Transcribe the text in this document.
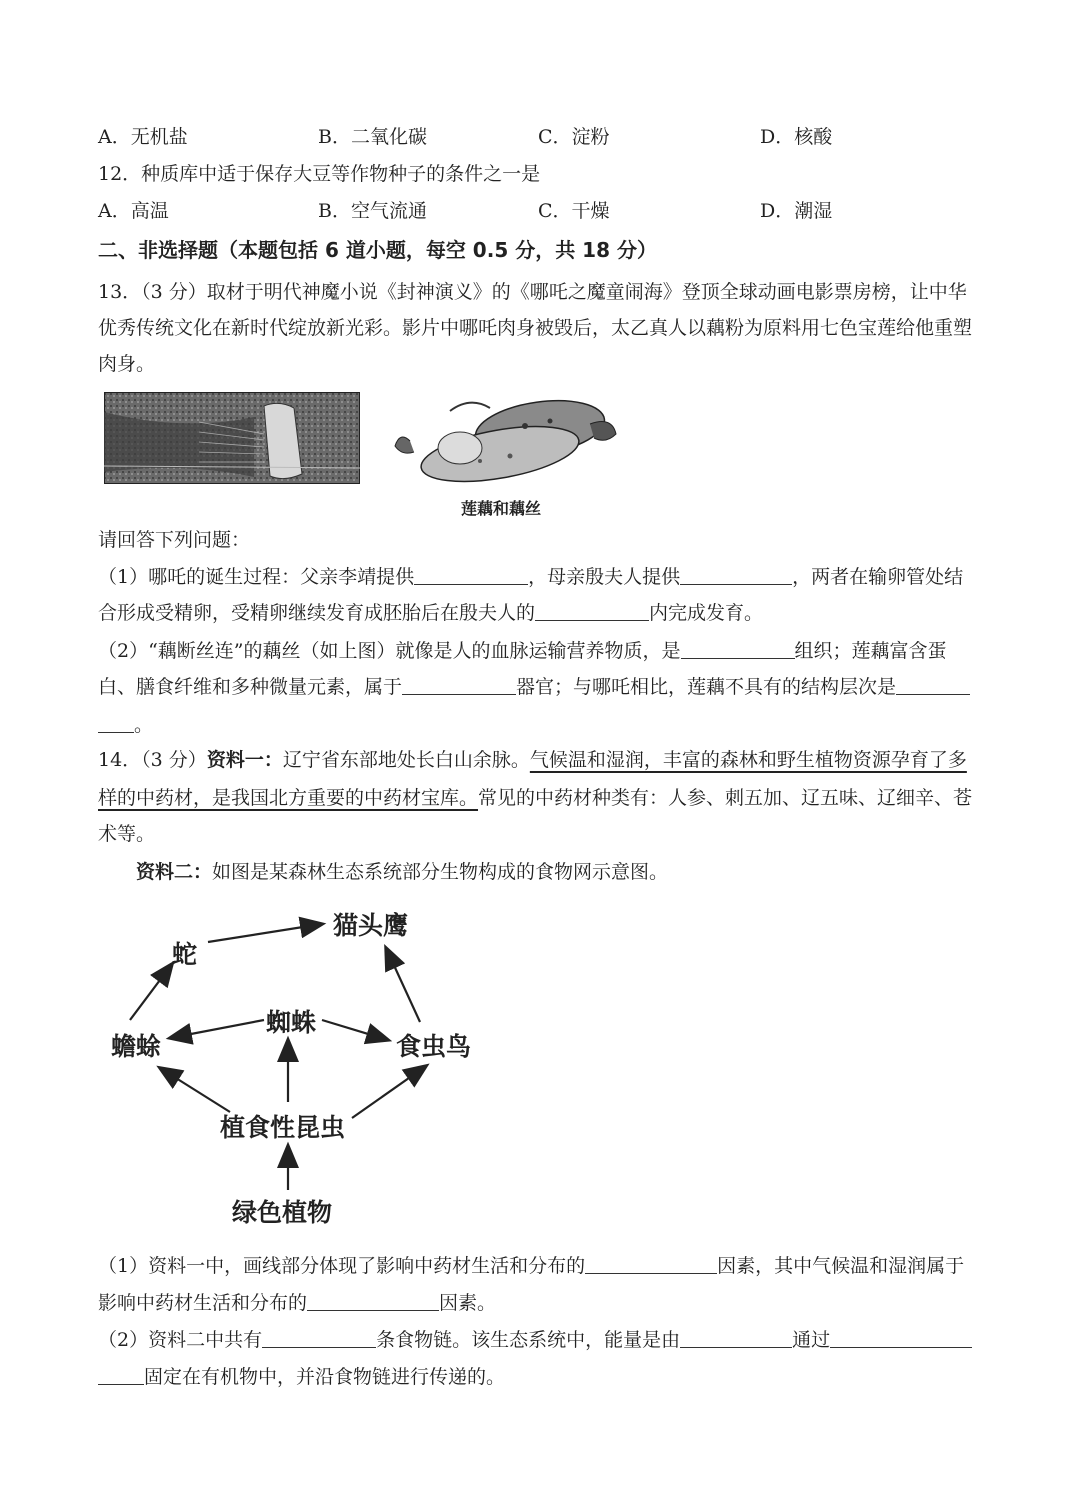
A．无机盐	B．二氧化碳	C．淀粉	D．核酸
12．种质库中适于保存大豆等作物种子的条件之一是
A．高温	B．空气流通	C．干燥	D．潮湿
二、非选择题（本题包括 6 道小题，每空 0.5 分，共 18 分）
13．（3 分）取材于明代神魔小说《封神演义》的《哪吒之魔童闹海》登顶全球动画电影票房榜，让中华
优秀传统文化在新时代绽放新光彩。影片中哪吒肉身被毁后，太乙真人以藕粉为原料用七色宝莲给他重塑
肉身。
莲藕和藕丝
请回答下列问题：
（1）哪吒的诞生过程：父亲李靖提供	，母亲殷夫人提供	，两者在输卵管处结
合形成受精卵，受精卵继续发育成胚胎后在殷夫人的	内完成发育。
（2）“藕断丝连”的藕丝（如上图）就像是人的血脉运输营养物质，是	组织；莲藕富含蛋
白、膳食纤维和多种微量元素，属于	器官；与哪吒相比，莲藕不具有的结构层次是
。
14．（3 分）资料一：辽宁省东部地处长白山余脉。气候温和湿润，丰富的森林和野生植物资源孕育了多
样的中药材，是我国北方重要的中药材宝库。常见的中药材种类有：人参、刺五加、辽五味、辽细辛、苍
术等。
资料二：如图是某森林生态系统部分生物构成的食物网示意图。
蛇
猫头鹰
蜘蛛
蟾蜍	食虫鸟
植食性昆虫
绿色植物
（1）资料一中，画线部分体现了影响中药材生活和分布的	因素，其中气候温和湿润属于
影响中药材生活和分布的	因素。
（2）资料二中共有	条食物链。该生态系统中，能量是由	通过
固定在有机物中，并沿食物链进行传递的。
